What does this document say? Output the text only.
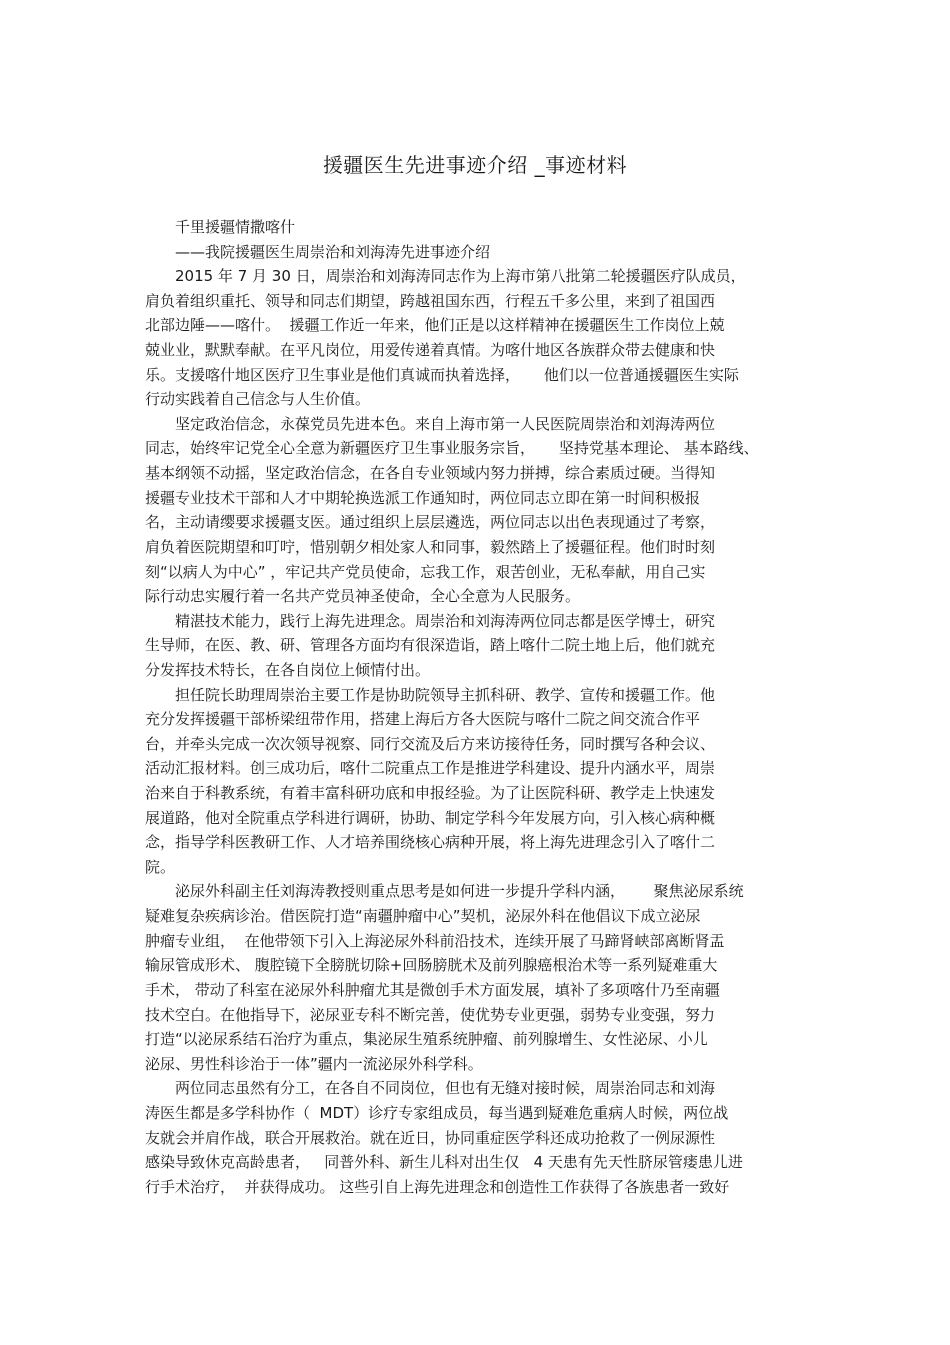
援疆医生先进事迹介绍 _事迹材料
千里援疆情撒喀什
——我院援疆医生周崇治和刘海涛先进事迹介绍
2015 年 7 月 30 日，周崇治和刘海涛同志作为上海市第八批第二轮援疆医疗队成员，
肩负着组织重托、领导和同志们期望，跨越祖国东西，行程五千多公里，来到了祖国西
北部边陲——喀什。  援疆工作近一年来，他们正是以这样精神在援疆医生工作岗位上兢
兢业业，默默奉献。在平凡岗位，用爱传递着真情。为喀什地区各族群众带去健康和快
乐。支援喀什地区医疗卫生事业是他们真诚而执着选择，     他们以一位普通援疆医生实际
行动实践着自己信念与人生价值。
坚定政治信念，永葆党员先进本色。来自上海市第一人民医院周崇治和刘海涛两位
同志，始终牢记党全心全意为新疆医疗卫生事业服务宗旨，     坚持党基本理论、 基本路线、
基本纲领不动摇，坚定政治信念，在各自专业领域内努力拼搏，综合素质过硬。当得知
援疆专业技术干部和人才中期轮换选派工作通知时，两位同志立即在第一时间积极报
名，主动请缨要求援疆支医。通过组织上层层遴选，两位同志以出色表现通过了考察，
肩负着医院期望和叮咛，惜别朝夕相处家人和同事，毅然踏上了援疆征程。他们时时刻
刻“以病人为中心” ，牢记共产党员使命，忘我工作，艰苦创业，无私奉献，用自己实
际行动忠实履行着一名共产党员神圣使命，全心全意为人民服务。
精湛技术能力，践行上海先进理念。周崇治和刘海涛两位同志都是医学博士，研究
生导师，在医、教、研、管理各方面均有很深造诣，踏上喀什二院土地上后，他们就充
分发挥技术特长，在各自岗位上倾情付出。
担任院长助理周崇治主要工作是协助院领导主抓科研、教学、宣传和援疆工作。他
充分发挥援疆干部桥梁纽带作用，搭建上海后方各大医院与喀什二院之间交流合作平
台，并牵头完成一次次领导视察、同行交流及后方来访接待任务，同时撰写各种会议、
活动汇报材料。创三成功后，喀什二院重点工作是推进学科建设、提升内涵水平，周崇
治来自于科教系统，有着丰富科研功底和申报经验。为了让医院科研、教学走上快速发
展道路，他对全院重点学科进行调研，协助、制定学科今年发展方向，引入核心病种概
念，指导学科医教研工作、人才培养围绕核心病种开展，将上海先进理念引入了喀什二
院。
泌尿外科副主任刘海涛教授则重点思考是如何进一步提升学科内涵，      聚焦泌尿系统
疑难复杂疾病诊治。借医院打造“南疆肿瘤中心”契机，泌尿外科在他倡议下成立泌尿
肿瘤专业组，  在他带领下引入上海泌尿外科前沿技术，连续开展了马蹄肾峡部离断肾盂
输尿管成形术、 腹腔镜下全膀胱切除+回肠膀胱术及前列腺癌根治术等一系列疑难重大
手术， 带动了科室在泌尿外科肿瘤尤其是微创手术方面发展，填补了多项喀什乃至南疆
技术空白。在他指导下，泌尿亚专科不断完善，使优势专业更强，弱势专业变强，努力
打造“以泌尿系结石治疗为重点，集泌尿生殖系统肿瘤、前列腺增生、女性泌尿、小儿
泌尿、男性科诊治于一体”疆内一流泌尿外科学科。
两位同志虽然有分工，在各自不同岗位，但也有无缝对接时候，周崇治同志和刘海
涛医生都是多学科协作（  MDT）诊疗专家组成员，每当遇到疑难危重病人时候，两位战
友就会并肩作战，联合开展救治。就在近日，协同重症医学科还成功抢救了一例尿源性
感染导致休克高龄患者，   同普外科、新生儿科对出生仅   4 天患有先天性脐尿管瘘患儿进
行手术治疗，  并获得成功。 这些引自上海先进理念和创造性工作获得了各族患者一致好
